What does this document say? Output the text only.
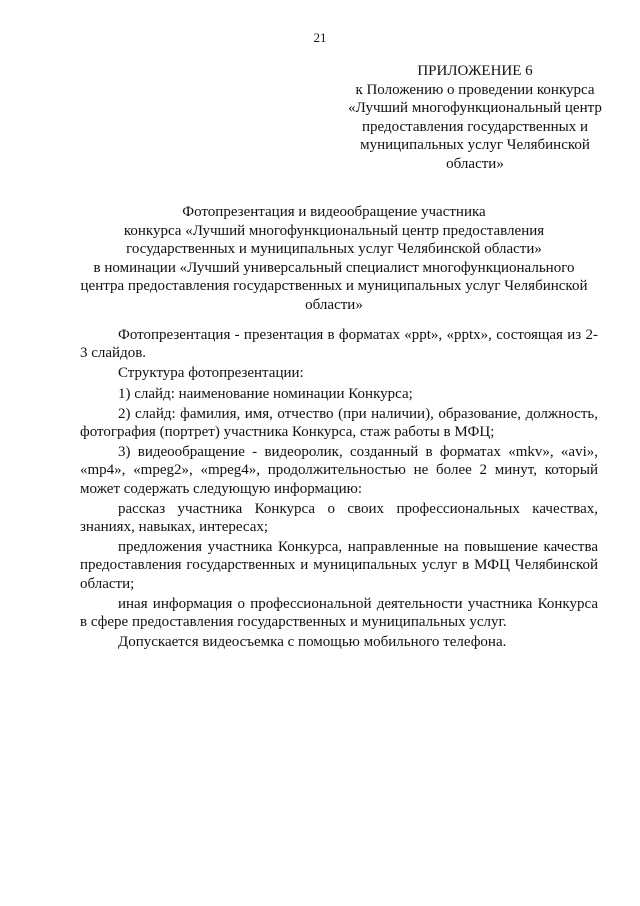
21
ПРИЛОЖЕНИЕ 6
к Положению о проведении конкурса
«Лучший многофункциональный центр
предоставления государственных и
муниципальных услуг Челябинской
области»
Фотопрезентация и видеообращение участника
конкурса «Лучший многофункциональный центр предоставления
государственных и муниципальных услуг Челябинской области»
в номинации «Лучший универсальный специалист многофункционального
центра предоставления государственных и муниципальных услуг Челябинской
области»

Фотопрезентация - презентация в форматах «ppt», «pptx», состоящая из 2-3 слайдов.

Структура фотопрезентации:

1) слайд: наименование номинации Конкурса;

2) слайд: фамилия, имя, отчество (при наличии), образование, должность, фотография (портрет) участника Конкурса, стаж работы в МФЦ;

3) видеообращение - видеоролик, созданный в форматах «mkv», «avi», «mp4», «mpeg2», «mpeg4», продолжительностью не более 2 минут, который может содержать следующую информацию:

рассказ участника Конкурса о своих профессиональных качествах, знаниях, навыках, интересах;

предложения участника Конкурса, направленные на повышение качества предоставления государственных и муниципальных услуг в МФЦ Челябинской области;

иная информация о профессиональной деятельности участника Конкурса в сфере предоставления государственных и муниципальных услуг.

Допускается видеосъемка с помощью мобильного телефона.
